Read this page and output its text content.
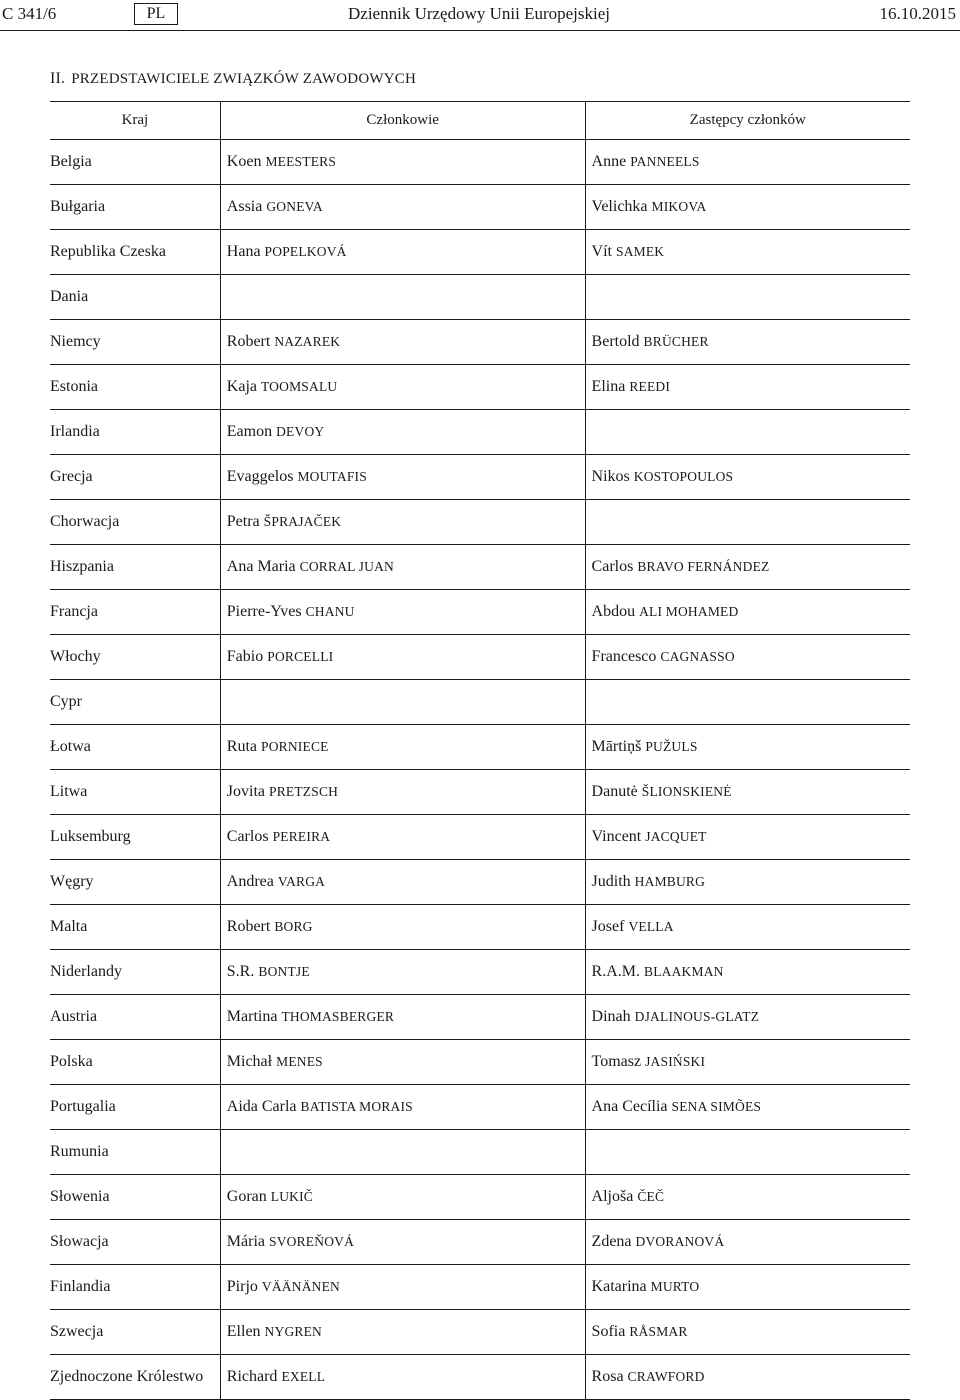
C 341/6	PL	Dziennik Urzędowy Unii Europejskiej	16.10.2015
II. PRZEDSTAWICIELE ZWIĄZKÓW ZAWODOWYCH
Kraj	Członkowie	Zastępcy członków
Belgia	Koen MEESTERS	Anne PANNEELS
Bułgaria	Assia GONEVA	Velichka MIKOVA
Republika Czeska	Hana POPELKOVÁ	Vít SAMEK
Dania		
Niemcy	Robert NAZAREK	Bertold BRÜCHER
Estonia	Kaja TOOMSALU	Elina REEDI
Irlandia	Eamon DEVOY	
Grecja	Evaggelos MOUTAFIS	Nikos KOSTOPOULOS
Chorwacja	Petra ŠPRAJAČEK	
Hiszpania	Ana Maria CORRAL JUAN	Carlos BRAVO FERNÁNDEZ
Francja	Pierre-Yves CHANU	Abdou ALI MOHAMED
Włochy	Fabio PORCELLI	Francesco CAGNASSO
Cypr		
Łotwa	Ruta PORNIECE	Mārtiņš PUŽULS
Litwa	Jovita PRETZSCH	Danutė ŠLIONSKIENĖ
Luksemburg	Carlos PEREIRA	Vincent JACQUET
Węgry	Andrea VARGA	Judith HAMBURG
Malta	Robert BORG	Josef VELLA
Niderlandy	S.R. BONTJE	R.A.M. BLAAKMAN
Austria	Martina THOMASBERGER	Dinah DJALINOUS-GLATZ
Polska	Michał MENES	Tomasz JASIŃSKI
Portugalia	Aida Carla BATISTA MORAIS	Ana Cecília SENA SIMÕES
Rumunia		
Słowenia	Goran LUKIČ	Aljoša ČEČ
Słowacja	Mária SVOREŇOVÁ	Zdena DVORANOVÁ
Finlandia	Pirjo VÄÄNÄNEN	Katarina MURTO
Szwecja	Ellen NYGREN	Sofia RÅSMAR
Zjednoczone Królestwo	Richard EXELL	Rosa CRAWFORD
